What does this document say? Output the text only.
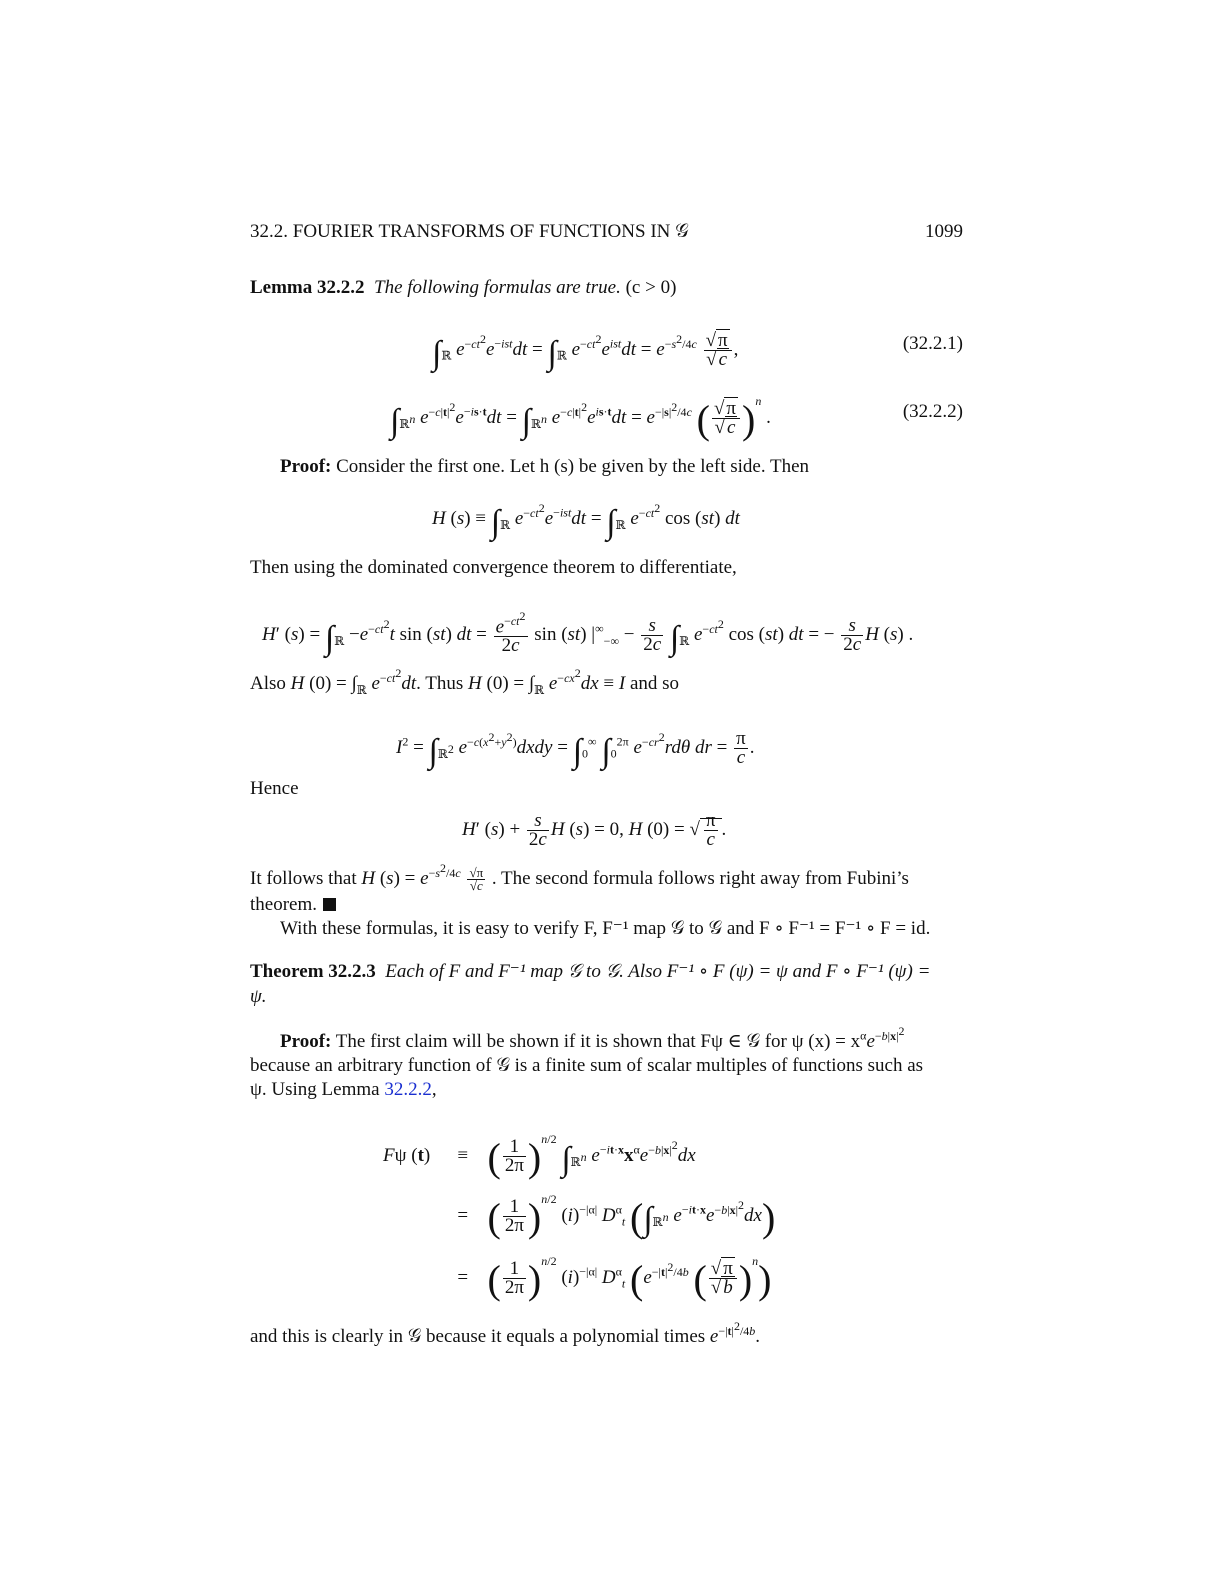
32.2. FOURIER TRANSFORMS OF FUNCTIONS IN 𝒢	1099
Lemma 32.2.2 The following formulas are true. (c > 0)
$\int_ℝ$ $e^{-ct^2}e^{-ist}dt = \int_ℝ$ $e^{-ct^2}e^{ist}dt = e^{-s^2/4c} \frac{√ \pi}{√ c}$ ,	(32.2.1)
$\int_{ℝ^n}$ $e^{-c|t|^2}e^{-is\cdot t}dt = \int_{ℝ^n}$ $e^{-c|t|^2}e^{is\cdot t}dt = e^{-|s|^2/4c}$ ( $\frac{√ \pi}{√ c} )^n$ .	(32.2.2)
Proof: Consider the first one. Let h (s) be given by the left side. Then
H $(s) \equiv \int_ℝ$ $e^{-ct^2}e^{-ist}dt = \int_ℝ$ $e^{-ct^2}$ cos (st) dt
Then using the dominated convergence theorem to differentiate,
H′ $(s) = \int_ℝ -e^{-ct^2}t$ sin (st) dt = $\frac{e^{-ct^2}}{2c}$ sin (st) $|^\infty_{-\infty} - \frac{s}{2c} \int_ℝ$ $e^{-ct^2}$ cos (st) dt = − $\frac{s}{2c}$ H (s) .
Also H $(0) = \int_ℝ$ $e^{-ct^2}dt$. Thus H $(0) = \int_ℝ$ $e^{-cx^2}dx \equiv I$ and so
$I^2 = \int_{ℝ^2}$ $e^{-c(x^2+y^2)}dxdy = \int_0^\infty$ $\int_0^{2\pi}$ $e^{-cr^2}rd\theta$ dr = $\frac{\pi}{c}$ .
Hence
H′ $(s) + \frac{s}{2c}$ H (s) = 0, H (0) = √ $\frac{\pi}{c}$ .
It follows that H $(s) = e^{-s^2/4c} \frac{√\pi}{√c}$ . The second formula follows right away from Fubini’s
theorem.
With these formulas, it is easy to verify F, F⁻¹ map 𝒢 to 𝒢 and F ∘ F⁻¹ = F⁻¹ ∘ F = id.
Theorem 32.2.3 Each of F and F⁻¹ map 𝒢 to 𝒢. Also F⁻¹ ∘ F (ψ) = ψ and F ∘ F⁻¹ (ψ) =
ψ.
Proof: The first claim will be shown if it is shown that Fψ ∈ 𝒢 for ψ $(x) = x^\alpha e^{-b|x|^2}$
because an arbitrary function of 𝒢 is a finite sum of scalar multiples of functions such as
ψ. Using Lemma 32.2.2,
Fψ (t) ≡ ( $\frac{1}{2\pi} )^{n/2}$ $\int_{ℝ^n}$ $e^{-it\cdot x}x^\alpha e^{-b|x|^2}dx$
= ( $\frac{1}{2\pi} )^{n/2}$ $(i)^{-|\alpha|}$ $D^\alpha_t$ ($\int_{ℝ^n}$ $e^{-it\cdot x}e^{-b|x|^2}dx$)
= ( $\frac{1}{2\pi} )^{n/2}$ $(i)^{-|\alpha|}$ $D^\alpha_t$ ($e^{-|t|^2/4b}$ ( $\frac{√ \pi}{√ b} )^n$)
and this is clearly in 𝒢 because it equals a polynomial times $e^{-|t|^2/4b}$.
